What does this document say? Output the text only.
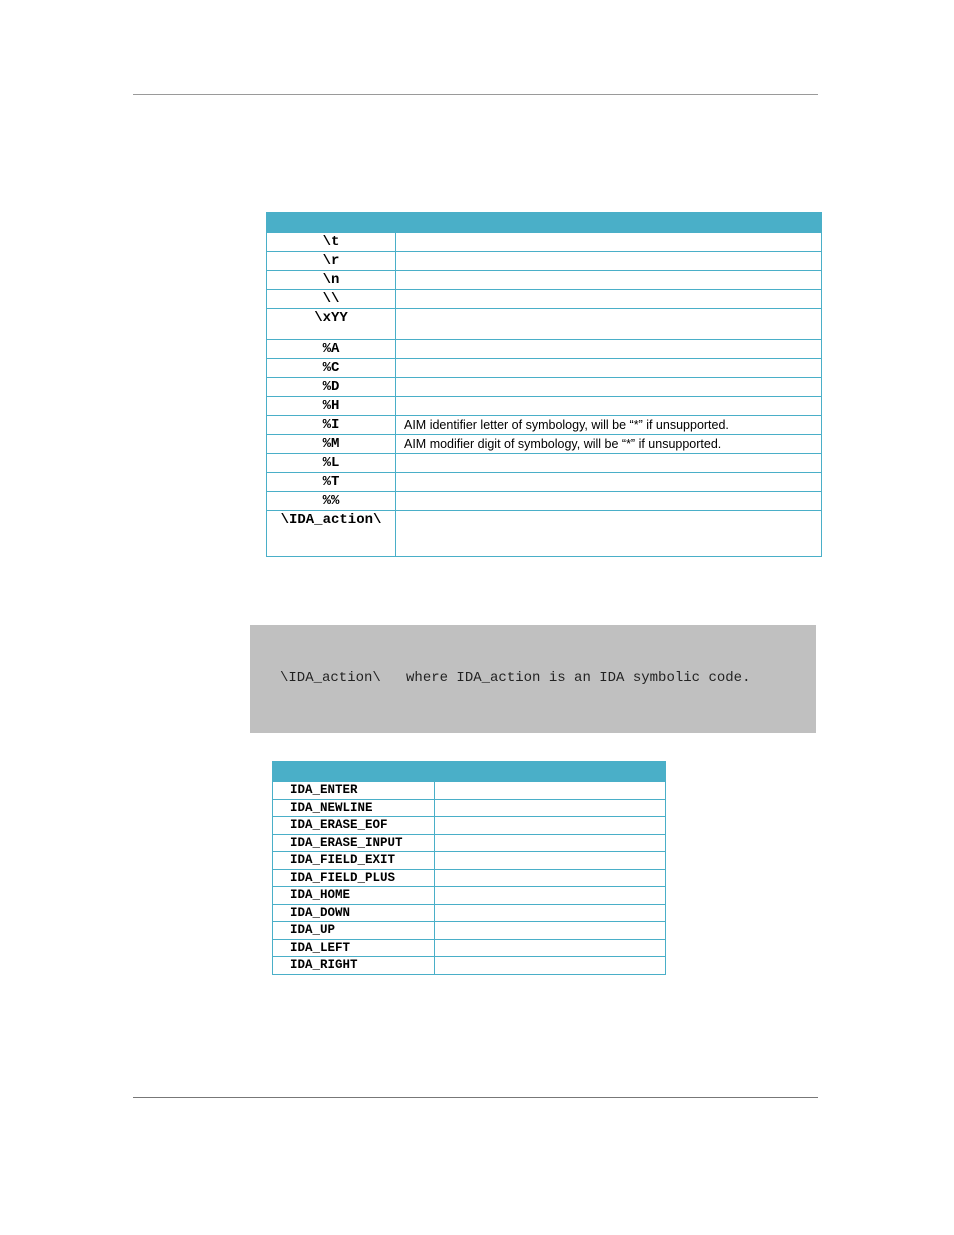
\t	
\r	
\n	
\\	
\xYY	
%A	
%C	
%D	
%H	
%I	AIM identifier letter of symbology, will be “*” if unsupported.
%M	AIM modifier digit of symbology, will be “*” if unsupported.
%L	
%T	
%%	
\IDA_action\	
\IDA_action\   where IDA_action is an IDA symbolic code.

IDA_ENTER	
IDA_NEWLINE	
IDA_ERASE_EOF	
IDA_ERASE_INPUT	
IDA_FIELD_EXIT	
IDA_FIELD_PLUS	
IDA_HOME	
IDA_DOWN	
IDA_UP	
IDA_LEFT	
IDA_RIGHT	
